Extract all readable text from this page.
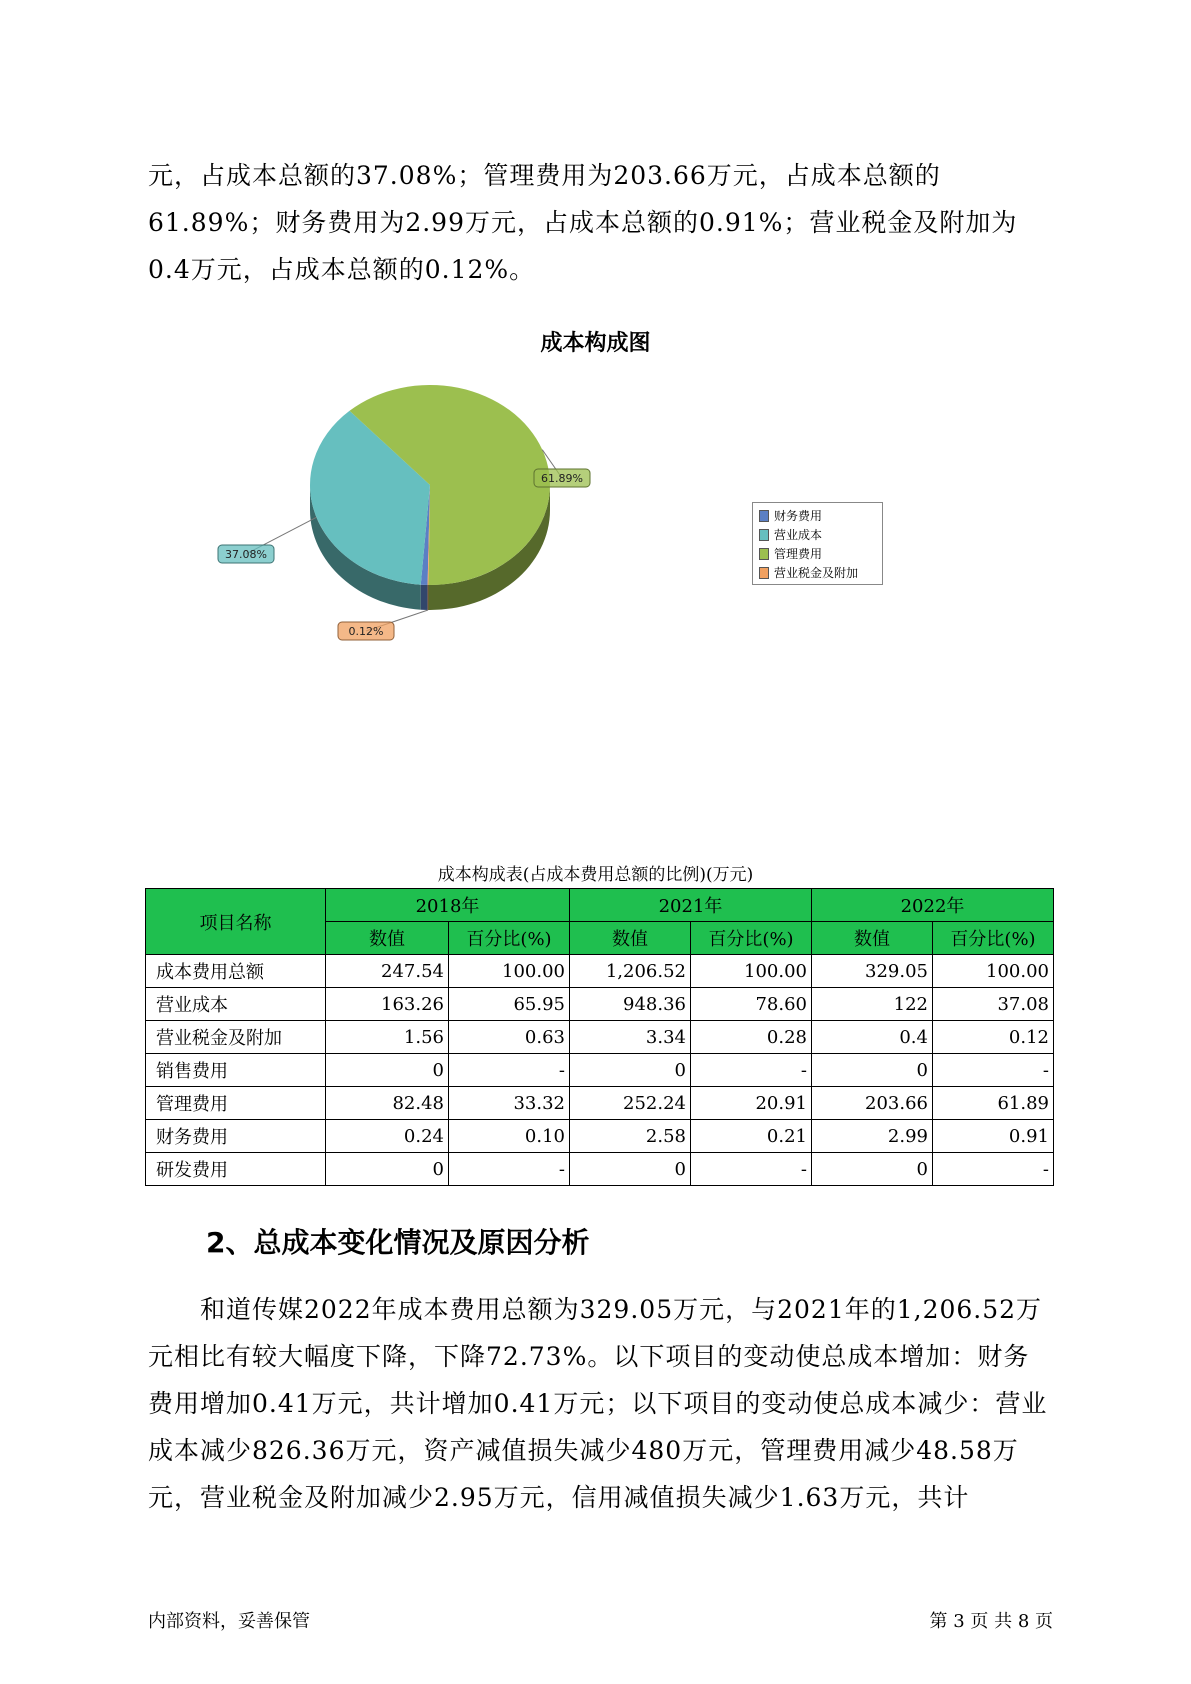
元，占成本总额的37.08%；管理费用为203.66万元，占成本总额的61.89%；财务费用为2.99万元，占成本总额的0.91%；营业税金及附加为0.4万元，占成本总额的0.12%。

成本构成图
61.89%
37.08%
0.12%
财务费用
营业成本
管理费用
营业税金及附加
成本构成表(占成本费用总额的比例)(万元)
项目名称	2018年		2021年		2022年	
	数值	百分比(%)	数值	百分比(%)	数值	百分比(%)
成本费用总额	247.54	100.00	1,206.52	100.00	329.05	100.00
营业成本	163.26	65.95	948.36	78.60	122	37.08
营业税金及附加	1.56	0.63	3.34	0.28	0.4	0.12
销售费用	0	-	0	-	0	-
管理费用	82.48	33.32	252.24	20.91	203.66	61.89
财务费用	0.24	0.10	2.58	0.21	2.99	0.91
研发费用	0	-	0	-	0	-
2、总成本变化情况及原因分析

和道传媒2022年成本费用总额为329.05万元，与2021年的1,206.52万元相比有较大幅度下降，下降72.73%。以下项目的变动使总成本增加：财务费用增加0.41万元，共计增加0.41万元；以下项目的变动使总成本减少：营业成本减少826.36万元，资产减值损失减少480万元，管理费用减少48.58万元，营业税金及附加减少2.95万元，信用减值损失减少1.63万元，共计

内部资料，妥善保管	第 3 页 共 8 页
